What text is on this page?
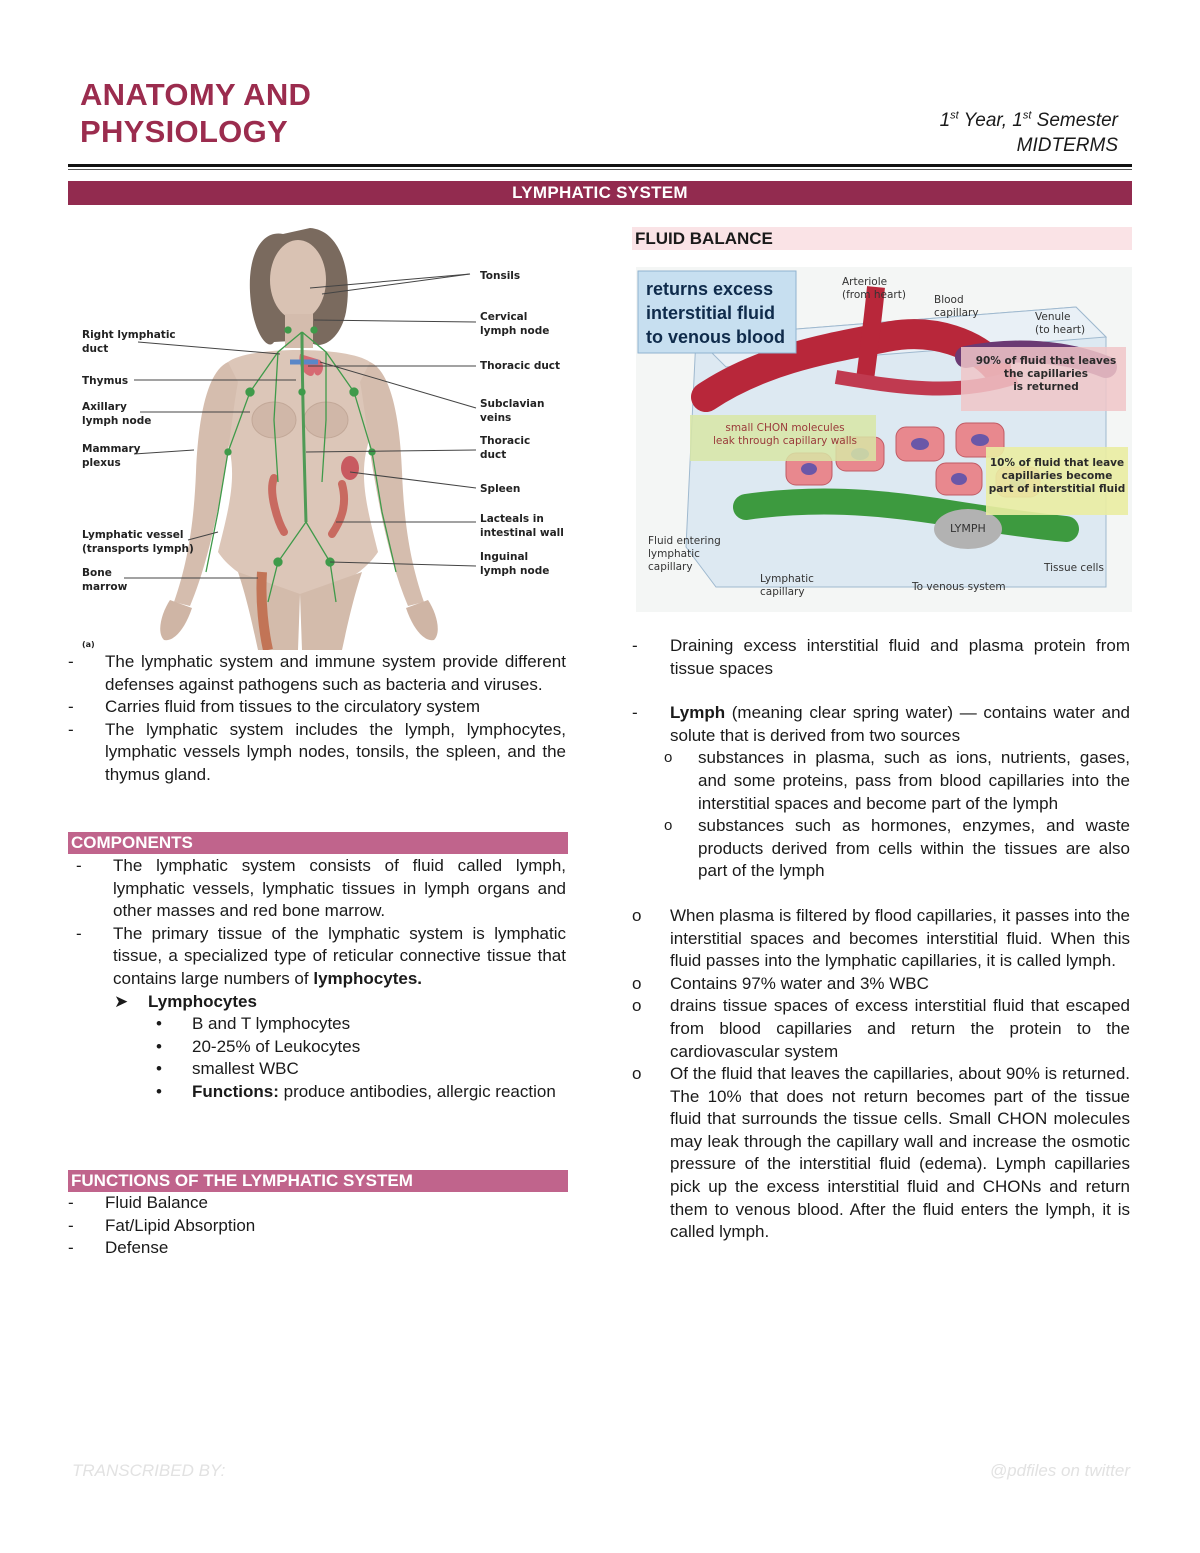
ANATOMY AND
PHYSIOLOGY	1st Year, 1st Semester
MIDTERMS
LYMPHATIC SYSTEM
Right lymphatic
duct
Thymus
Axillary
lymph node
Mammary
plexus
Lymphatic vessel
(transports lymph)
Bone
marrow
Tonsils
Cervical
lymph node
Thoracic duct
Subclavian
veins
Thoracic
duct
Spleen
Lacteals in
intestinal wall
Inguinal
lymph node
(a)
- The lymphatic system and immune system provide different defenses against pathogens such as bacteria and viruses.
- Carries fluid from tissues to the circulatory system
- The lymphatic system includes the lymph, lymphocytes, lymphatic vessels lymph nodes, tonsils, the spleen, and the thymus gland.
COMPONENTS
- The lymphatic system consists of fluid called lymph, lymphatic vessels, lymphatic tissues in lymph organs and other masses and red bone marrow.
- The primary tissue of the lymphatic system is lymphatic tissue, a specialized type of reticular connective tissue that contains large numbers of lymphocytes.
➤ Lymphocytes
• B and T lymphocytes
• 20-25% of Leukocytes
• smallest WBC
• Functions: produce antibodies, allergic reaction
FUNCTIONS OF THE LYMPHATIC SYSTEM
- Fluid Balance
- Fat/Lipid Absorption
- Defense
FLUID BALANCE
returns excess
interstitial fluid
to venous blood
Arteriole
(from heart)	Blood
capillary	Venule
(to heart)
90% of fluid that leaves
the capillaries
is returned
small CHON molecules
leak through capillary walls
10% of fluid that leave
capillaries become
part of interstitial fluid
LYMPH
Fluid entering
lymphatic
capillary
Lymphatic
capillary	To venous system
Tissue cells
- Draining excess interstitial fluid and plasma protein from tissue spaces
- Lymph (meaning clear spring water) — contains water and solute that is derived from two sources
o substances in plasma, such as ions, nutrients, gases, and some proteins, pass from blood capillaries into the interstitial spaces and become part of the lymph
o substances such as hormones, enzymes, and waste products derived from cells within the tissues are also part of the lymph
o When plasma is filtered by flood capillaries, it passes into the interstitial spaces and becomes interstitial fluid. When this fluid passes into the lymphatic capillaries, it is called lymph.
o Contains 97% water and 3% WBC
o drains tissue spaces of excess interstitial fluid that escaped from blood capillaries and return the protein to the cardiovascular system
o Of the fluid that leaves the capillaries, about 90% is returned. The 10% that does not return becomes part of the tissue fluid that surrounds the tissue cells. Small CHON molecules may leak through the capillary wall and increase the osmotic pressure of the interstitial fluid (edema). Lymph capillaries pick up the excess interstitial fluid and CHONs and return them to venous blood. After the fluid enters the lymph, it is called lymph.
TRANSCRIBED BY:	@pdfiles on twitter
